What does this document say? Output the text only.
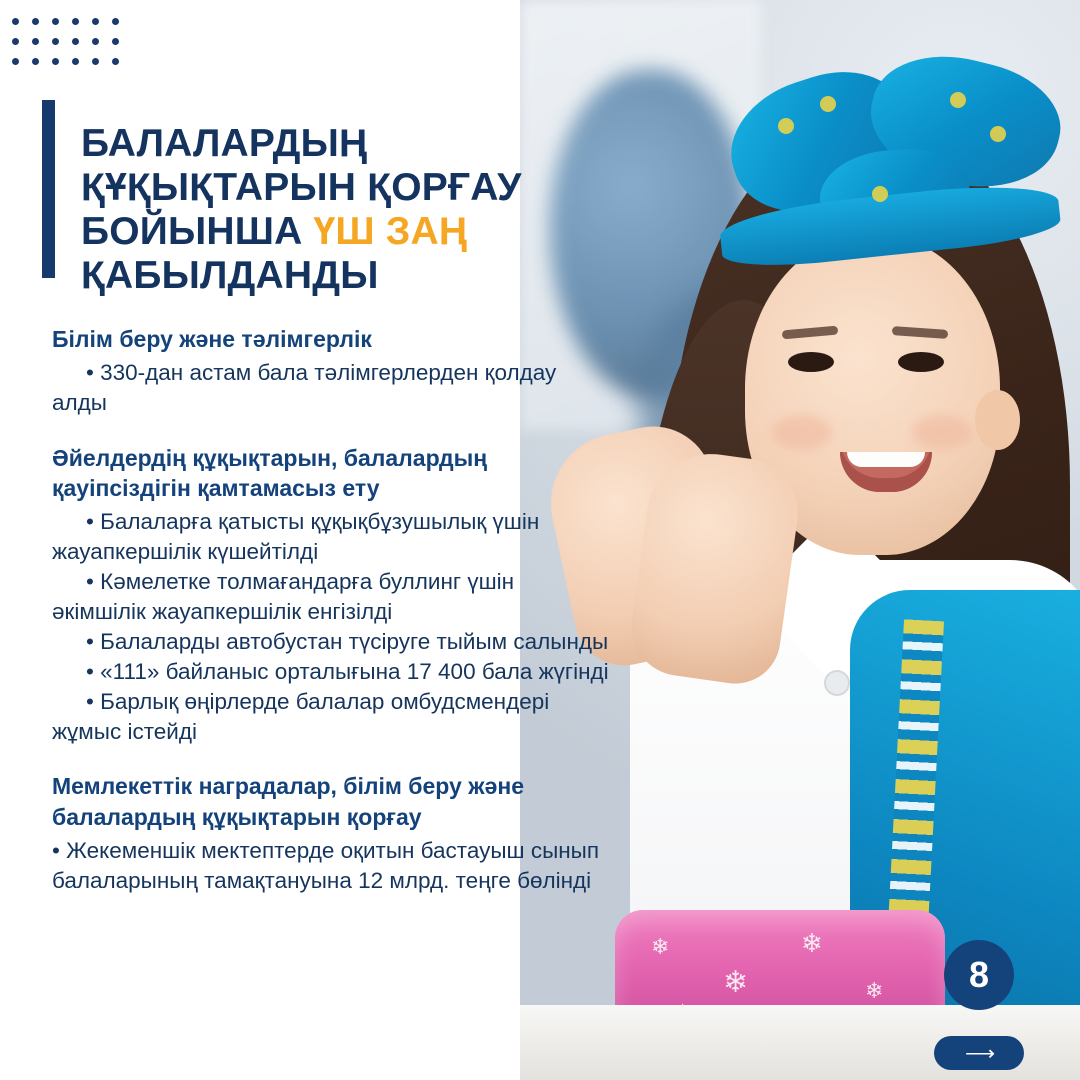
❄
❄
❄
❄
БАЛАЛАРДЫҢ
ҚҰҚЫҚТАРЫН ҚОРҒАУ
БОЙЫНША ҮШ ЗАҢ
ҚАБЫЛДАНДЫ

Білім беру және тәлімгерлік

• 330-дан астам бала тәлімгерлерден қолдау алды

Әйелдердің құқықтарын, балалардың

қауіпсіздігін қамтамасыз ету

• Балаларға қатысты құқықбұзушылық үшін жауапкершілік күшейтілді

• Кәмелетке толмағандарға буллинг үшін әкімшілік жауапкершілік енгізілді

• Балаларды автобустан түсіруге тыйым салынды

• «111» байланыс орталығына 17 400 бала жүгінді

• Барлық өңірлерде балалар омбудсмендері жұмыс істейді

Мемлекеттік наградалар, білім беру және

балалардың құқықтарын қорғау

• Жекеменшік мектептерде оқитын бастауыш сынып балаларының тамақтануына 12 млрд. теңге бөлінді

8
⟶
